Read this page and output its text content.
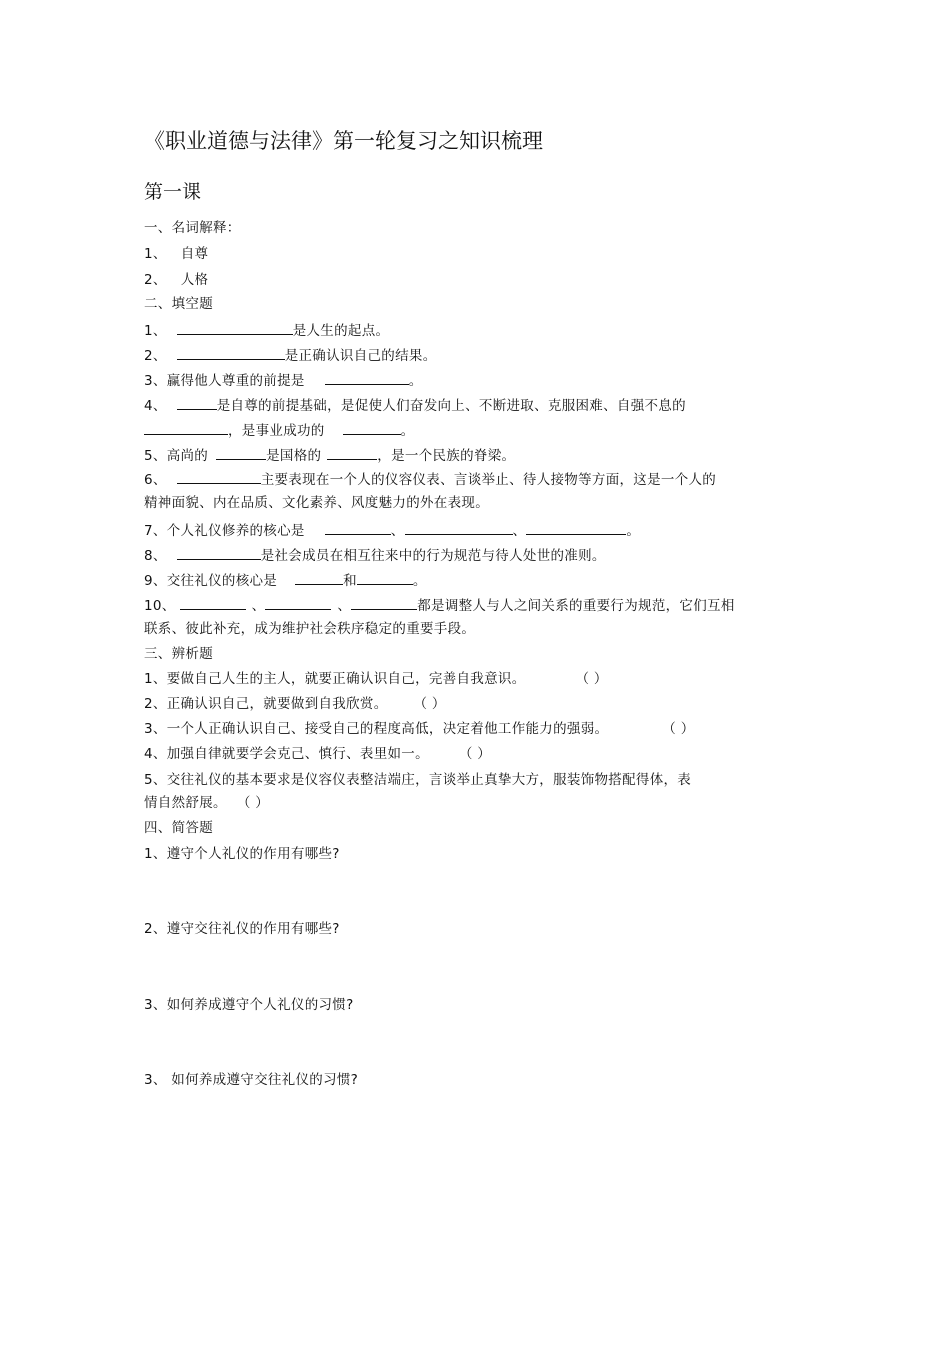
《职业道德与法律》第一轮复习之知识梳理
第一课
一、名词解释：
1、 自尊
2、 人格
二、填空题
1、	是人生的起点。
2、	是正确认识自己的结果。
3、赢得他人尊重的前提是	。
4、	是自尊的前提基础，是促使人们奋发向上、不断进取、克服困难、自强不息的
，是事业成功的	。
5、高尚的	是国格的	，是一个民族的脊梁。
6、	主要表现在一个人的仪容仪表、言谈举止、待人接物等方面，这是一个人的
精神面貌、内在品质、文化素养、风度魅力的外在表现。
7、个人礼仪修养的核心是	、	、	。
8、	是社会成员在相互往来中的行为规范与待人处世的准则。
9、交往礼仪的核心是	和	。
10、	、	、	都是调整人与人之间关系的重要行为规范，它们互相
联系、彼此补充，成为维护社会秩序稳定的重要手段。
三、辨析题
1、要做自己人生的主人，就要正确认识自己，完善自我意识。	（ ）
2、正确认识自己，就要做到自我欣赏。 （ ）
3、一个人正确认识自己、接受自己的程度高低，决定着他工作能力的强弱。	（ ）
4、加强自律就要学会克己、慎行、表里如一。 （ ）
5、交往礼仪的基本要求是仪容仪表整洁端庄，言谈举止真挚大方，服装饰物搭配得体，表
情自然舒展。 （ ）
四、简答题
1、遵守个人礼仪的作用有哪些?
2、遵守交往礼仪的作用有哪些?
3、如何养成遵守个人礼仪的习惯?
3、 如何养成遵守交往礼仪的习惯?
